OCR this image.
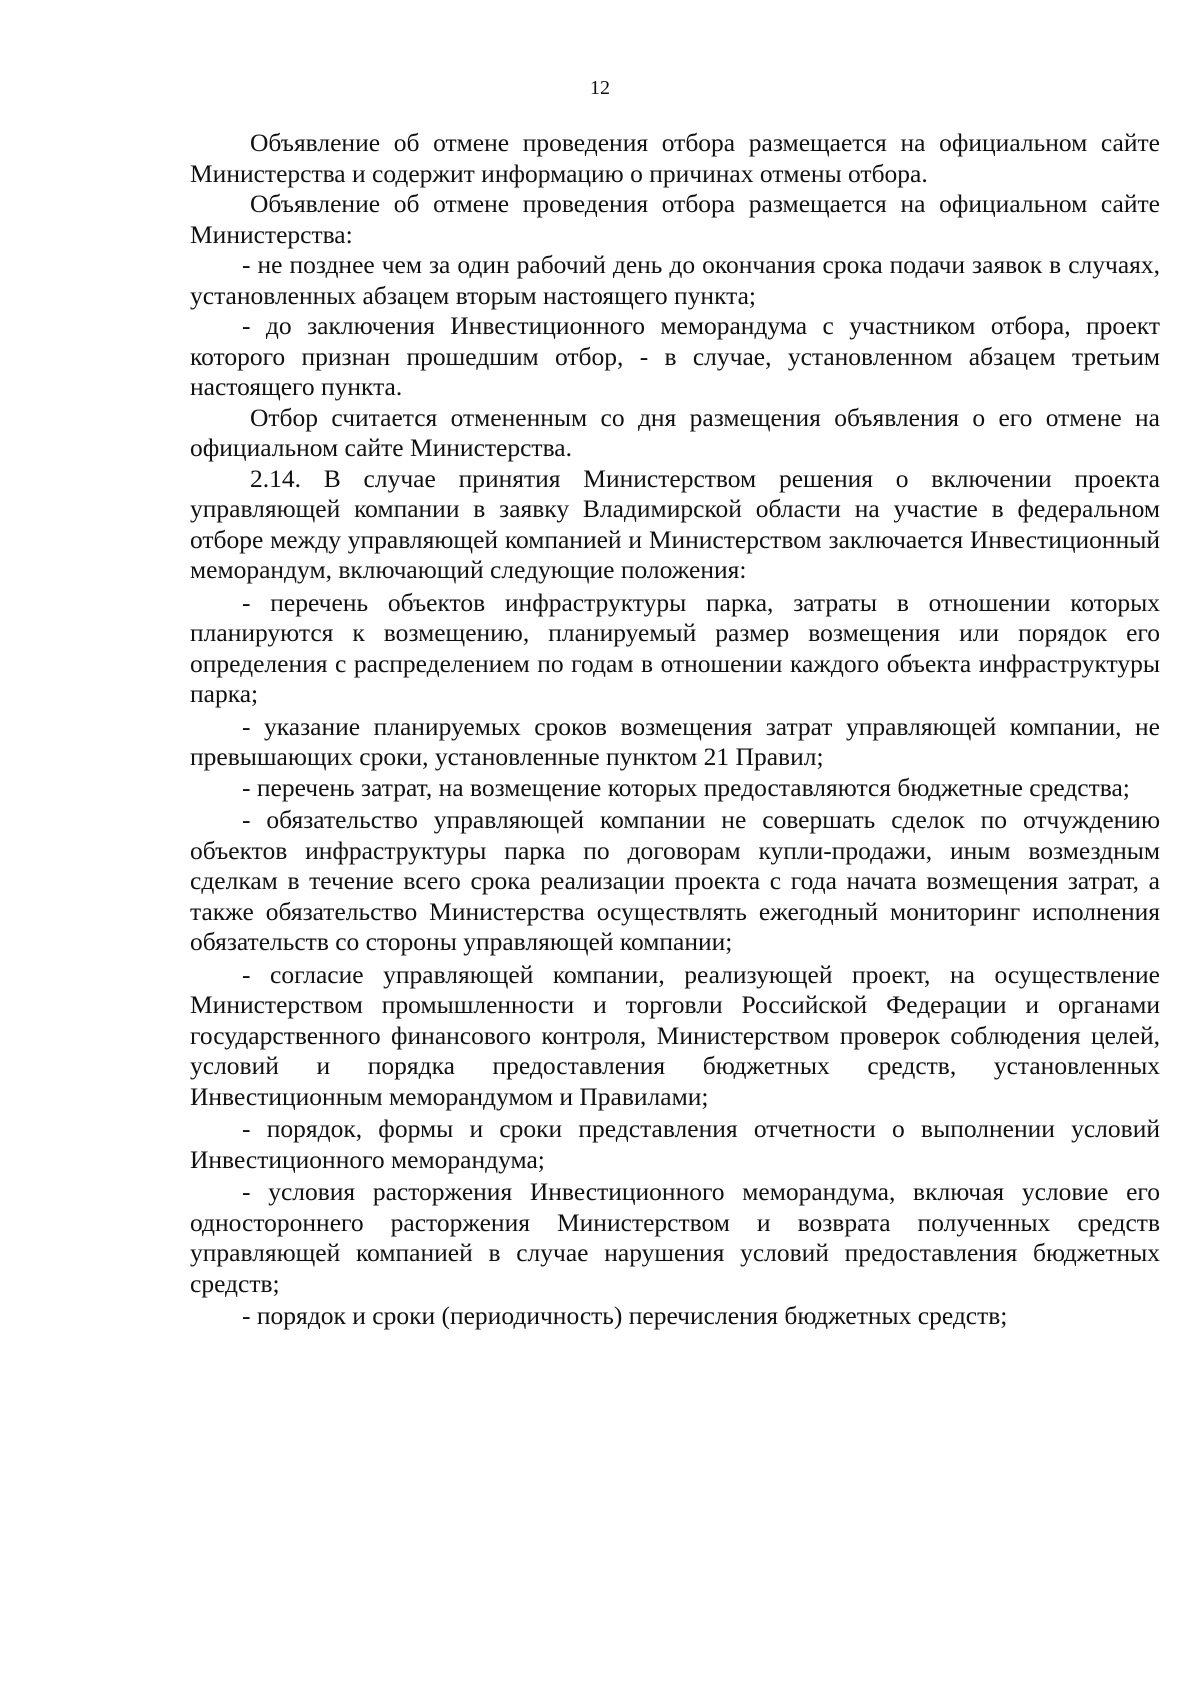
12

Объявление об отмене проведения отбора размещается на официальном сайте Министерства и содержит информацию о причинах отмены отбора.

Объявление об отмене проведения отбора размещается на официальном сайте Министерства:

- не позднее чем за один рабочий день до окончания срока подачи заявок в случаях, установленных абзацем вторым настоящего пункта;

- до заключения Инвестиционного меморандума с участником отбора, проект которого признан прошедшим отбор, - в случае, установленном абзацем третьим настоящего пункта.

Отбор считается отмененным со дня размещения объявления о его отмене на официальном сайте Министерства.

2.14. В случае принятия Министерством решения о включении проекта управляющей компании в заявку Владимирской области на участие в федеральном отборе между управляющей компанией и Министерством заключается Инвестиционный меморандум, включающий следующие положения:

- перечень объектов инфраструктуры парка, затраты в отношении которых планируются к возмещению, планируемый размер возмещения или порядок его определения с распределением по годам в отношении каждого объекта инфраструктуры парка;

- указание планируемых сроков возмещения затрат управляющей компании, не превышающих сроки, установленные пунктом 21 Правил;

- перечень затрат, на возмещение которых предоставляются бюджетные средства;

- обязательство управляющей компании не совершать сделок по отчуждению объектов инфраструктуры парка по договорам купли-продажи, иным возмездным сделкам в течение всего срока реализации проекта с года начата возмещения затрат, а также обязательство Министерства осуществлять ежегодный мониторинг исполнения обязательств со стороны управляющей компании;

- согласие управляющей компании, реализующей проект, на осуществление Министерством промышленности и торговли Российской Федерации и органами государственного финансового контроля, Министерством проверок соблюдения целей, условий и порядка предоставления бюджетных средств, установленных Инвестиционным меморандумом и Правилами;

- порядок, формы и сроки представления отчетности о выполнении условий Инвестиционного меморандума;

- условия расторжения Инвестиционного меморандума, включая условие его одностороннего расторжения Министерством и возврата полученных средств управляющей компанией в случае нарушения условий предоставления бюджетных средств;

- порядок и сроки (периодичность) перечисления бюджетных средств;
